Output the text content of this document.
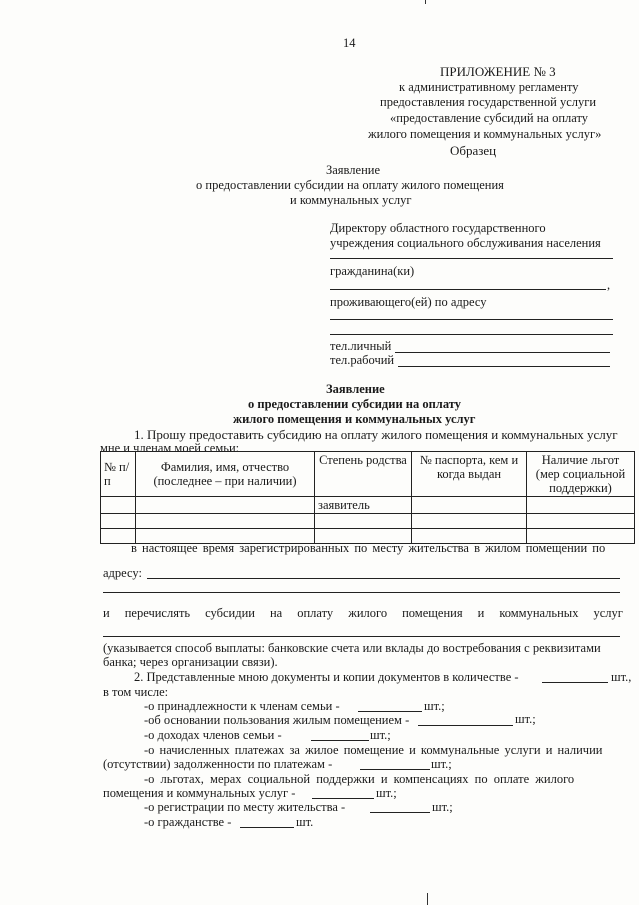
14
ПРИЛОЖЕНИЕ № 3
к административному регламенту
предоставления государственной услуги
«предоставление субсидий на оплату
жилого помещения и коммунальных услуг»
Образец
Заявление
о предоставлении субсидии на оплату жилого помещения
и коммунальных услуг
Директору областного государственного
учреждения социального обслуживания населения
гражданина(ки)
,
проживающего(ей) по адресу
тел.личный
тел.рабочий
Заявление
о предоставлении субсидии на оплату
жилого помещения и коммунальных услуг
1. Прошу предоставить субсидию на оплату жилого помещения и коммунальных услуг
мне и членам моей семьи:
№ п/п	Фамилия, имя, отчество (последнее – при наличии)	Степень родства	№ паспорта, кем и когда выдан	Наличие льгот (мер социальной поддержки)
		заявитель		

в настоящее время зарегистрированных по месту жительства в жилом помещении по
адресу:
и перечислять субсидии на оплату жилого помещения и коммунальных услуг
(указывается способ выплаты: банковские счета или вклады до востребования с реквизитами
банка; через организации связи).
2. Представленные мною документы и копии документов в количестве -	шт.,
в том числе:
-о принадлежности к членам семьи -	шт.;
-об основании пользования жилым помещением -	шт.;
-о доходах членов семьи -	шт.;
-о начисленных платежах за жилое помещение и коммунальные услуги и наличии
(отсутствии) задолженности по платежам -	шт.;
-о льготах, мерах социальной поддержки и компенсациях по оплате жилого
помещения и коммунальных услуг -	шт.;
-о регистрации по месту жительства -	шт.;
-о гражданстве -	шт.
